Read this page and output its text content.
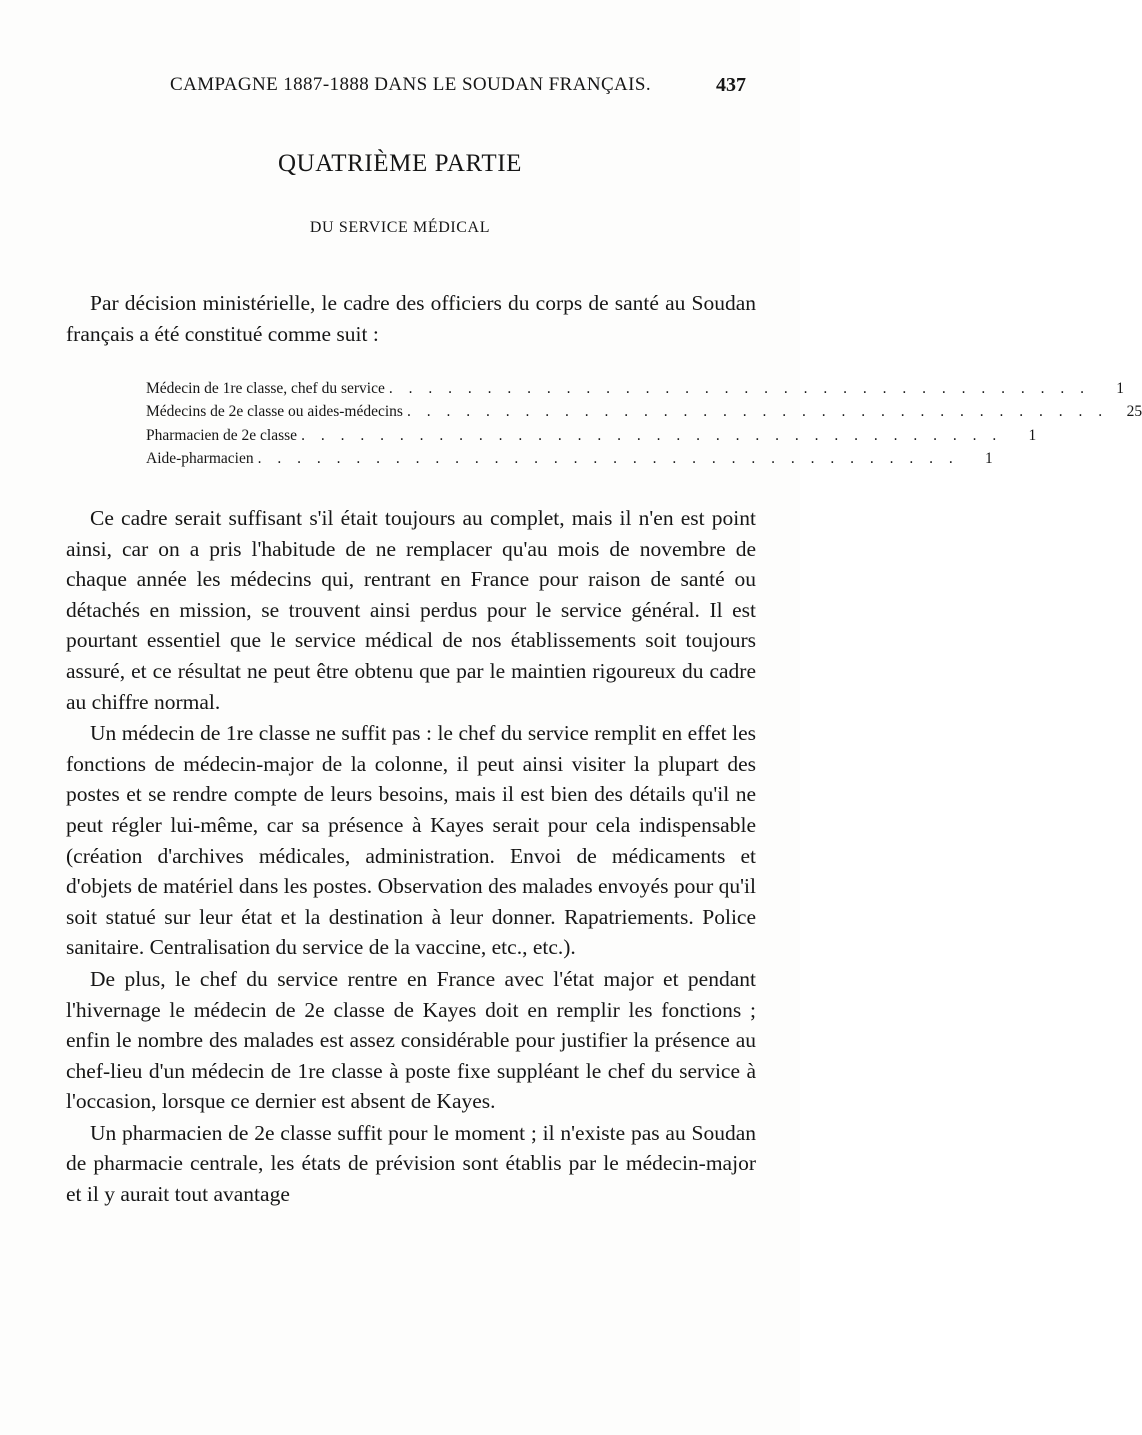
CAMPAGNE 1887-1888 DANS LE SOUDAN FRANÇAIS.	437
QUATRIÈME PARTIE
DU SERVICE MÉDICAL

Par décision ministérielle, le cadre des officiers du corps de santé au Soudan français a été constitué comme suit :

Médecin de 1re classe, chef du service . . . . . . . . . . . . . . . . . . . . . . . . . . . . . . . . . . . .	1
Médecins de 2e classe ou aides-médecins . . . . . . . . . . . . . . . . . . . . . . . . . . . . . . . . . . . .	25
Pharmacien de 2e classe . . . . . . . . . . . . . . . . . . . . . . . . . . . . . . . . . . . .	1
Aide-pharmacien . . . . . . . . . . . . . . . . . . . . . . . . . . . . . . . . . . . .	1

Ce cadre serait suffisant s'il était toujours au complet, mais il n'en est point ainsi, car on a pris l'habitude de ne remplacer qu'au mois de novembre de chaque année les médecins qui, rentrant en France pour raison de santé ou détachés en mission, se trouvent ainsi perdus pour le service général. Il est pourtant essentiel que le service médical de nos établissements soit toujours assuré, et ce résultat ne peut être obtenu que par le maintien rigoureux du cadre au chiffre normal.

Un médecin de 1re classe ne suffit pas : le chef du service remplit en effet les fonctions de médecin-major de la colonne, il peut ainsi visiter la plupart des postes et se rendre compte de leurs besoins, mais il est bien des détails qu'il ne peut régler lui-même, car sa présence à Kayes serait pour cela indispensable (création d'archives médicales, administration. Envoi de médicaments et d'objets de matériel dans les postes. Observation des malades envoyés pour qu'il soit statué sur leur état et la destination à leur donner. Rapatriements. Police sanitaire. Centralisation du service de la vaccine, etc., etc.).

De plus, le chef du service rentre en France avec l'état major et pendant l'hivernage le médecin de 2e classe de Kayes doit en remplir les fonctions ; enfin le nombre des malades est assez considérable pour justifier la présence au chef-lieu d'un médecin de 1re classe à poste fixe suppléant le chef du service à l'occasion, lorsque ce dernier est absent de Kayes.

Un pharmacien de 2e classe suffit pour le moment ; il n'existe pas au Soudan de pharmacie centrale, les états de prévision sont établis par le médecin-major et il y aurait tout avantage
